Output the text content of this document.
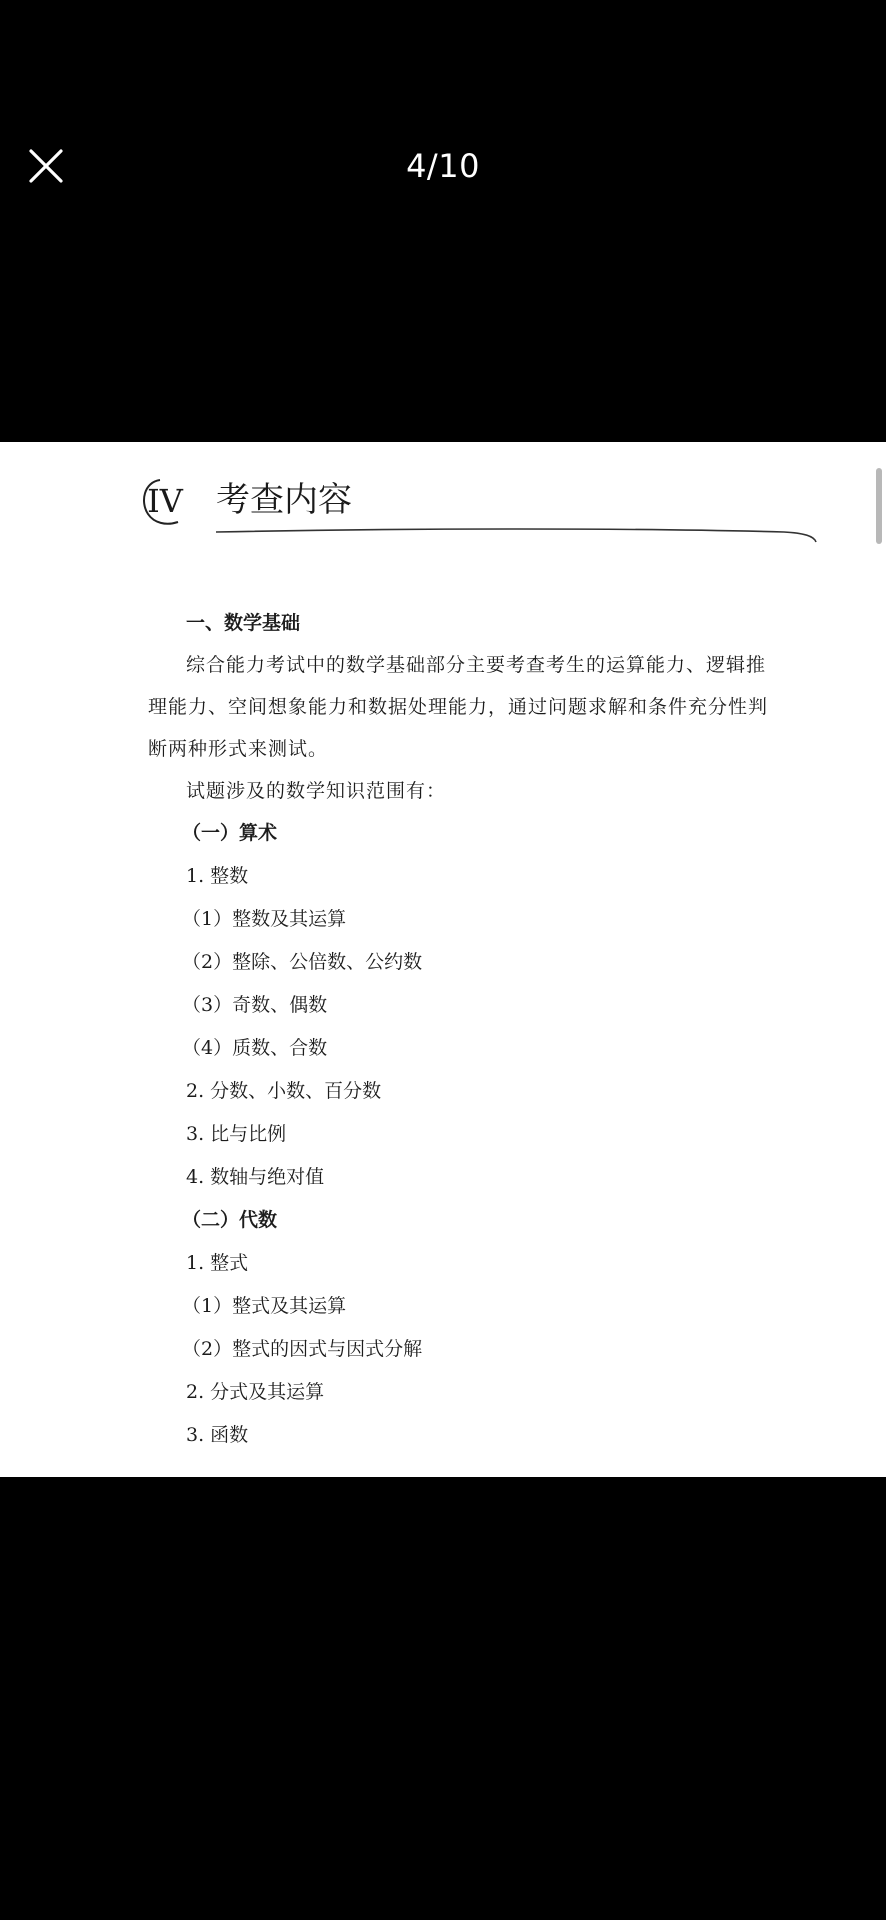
4/10
IV 考查内容
一、数学基础

综合能力考试中的数学基础部分主要考查考生的运算能力、逻辑推理能力、空间想象能力和数据处理能力，通过问题求解和条件充分性判断两种形式来测试。

试题涉及的数学知识范围有：

（一）算术
1. 整数
（1）整数及其运算
（2）整除、公倍数、公约数
（3）奇数、偶数
（4）质数、合数
2. 分数、小数、百分数
3. 比与比例
4. 数轴与绝对值
（二）代数
1. 整式
（1）整式及其运算
（2）整式的因式与因式分解
2. 分式及其运算
3. 函数
